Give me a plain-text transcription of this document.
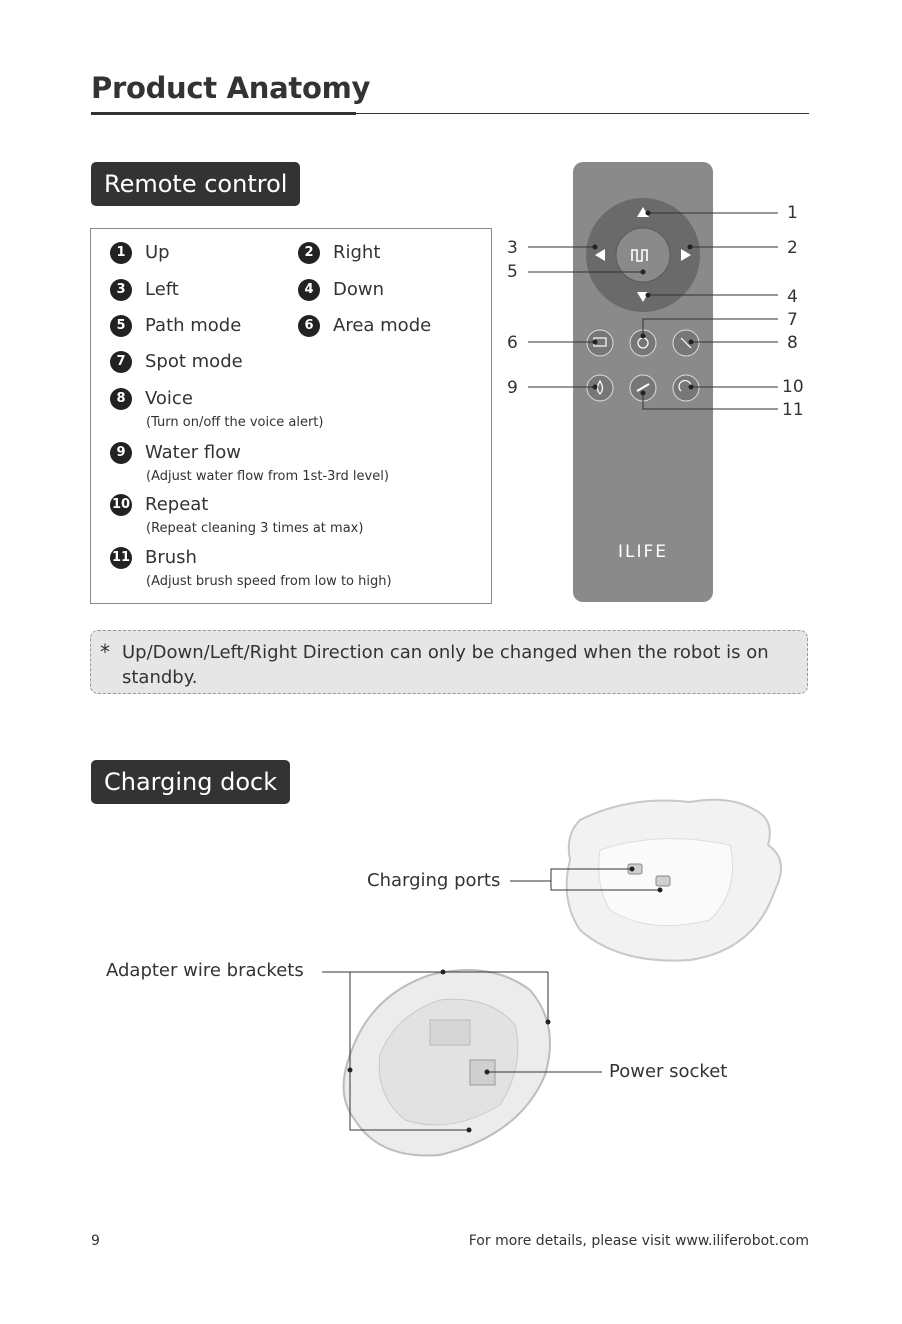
Product Anatomy
Remote control
1 Up	2 Right
3 Left	4 Down
5 Path mode	6 Area mode
7 Spot mode
8 Voice
(Turn on/off the voice alert)
9 Water flow
(Adjust water flow from 1st-3rd level)
10 Repeat
(Repeat cleaning 3 times at max)
11 Brush
(Adjust brush speed from low to high)
ILIFE
1
2
3
4
5
6
7
8
9	10
11
* Up/Down/Left/Right Direction can only be changed when the robot is on standby.
Charging dock
Charging ports
Adapter wire brackets
Power socket
9	For more details, please visit www.iliferobot.com
